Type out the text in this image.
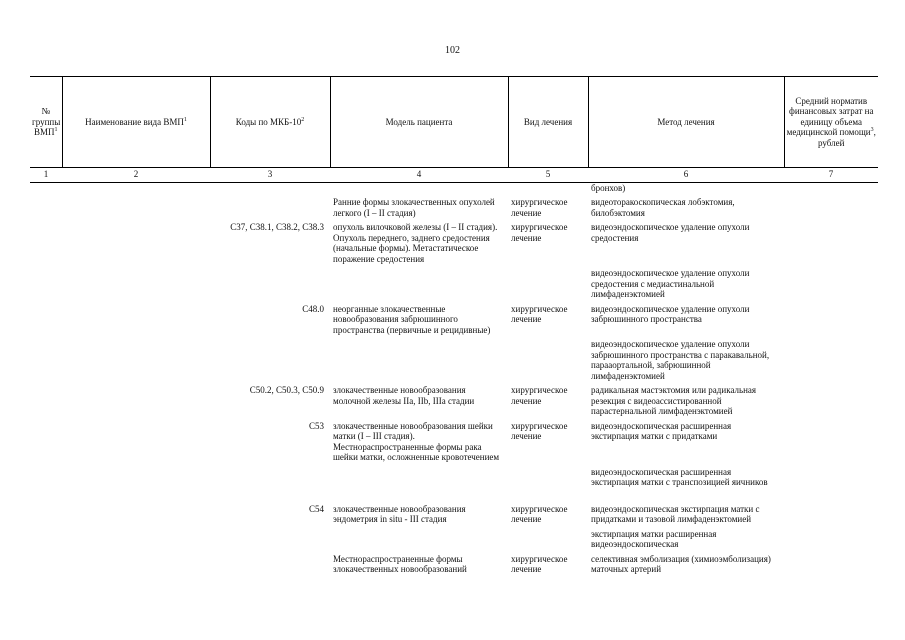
102
№ группы ВМП$^1$	Наименование вида ВМП$^1$	Коды по МКБ-$10^2$	Модель пациента	Вид лечения	Метод лечения	Средний норматив финансовых затрат на единицу объема медицинской помощи$^3$, рублей
1	2	3	4	5	6	7
					бронхов)	
			Ранние формы злокачественных опухолей легкого (I – II стадия)	хирургическое лечение	видеоторакоскопическая лобэктомия, билобэктомия	
		C37, C38.1, C38.2, C38.3	опухоль вилочковой железы (I – II стадия). Опухоль переднего, заднего средостения (начальные формы). Метастатическое поражение средостения	хирургическое лечение	видеоэндоскопическое удаление опухоли средостения	
					видеоэндоскопическое удаление опухоли средостения с медиастинальной лимфаденэктомией	
		C48.0	неорганные злокачественные новообразования забрюшинного пространства (первичные и рецидивные)	хирургическое лечение	видеоэндоскопическое удаление опухоли забрюшинного пространства	
					видеоэндоскопическое удаление опухоли забрюшинного пространства с паракавальной, парааортальной, забрюшинной лимфаденэктомией	
		C50.2, C50.3, C50.9	злокачественные новообразования молочной железы IIa, IIb, IIIa стадии	хирургическое лечение	радикальная мастэктомия или радикальная резекция с видеоассистированной парастернальной лимфаденэктомией	
		C53	злокачественные новообразования шейки матки (I – III стадия). Местнораспространенные формы рака шейки матки, осложненные кровотечением	хирургическое лечение	видеоэндоскопическая расширенная экстирпация матки с придатками	
					видеоэндоскопическая расширенная экстирпация матки с транспозицией яичников	
		C54	злокачественные новообразования эндометрия in situ - III стадия	хирургическое лечение	видеоэндоскопическая экстирпация матки с придатками и тазовой лимфаденэктомией	
					экстирпация матки расширенная видеоэндоскопическая	
			Местнораспространенные формы злокачественных новообразований	хирургическое лечение	селективная эмболизация (химиоэмболизация) маточных артерий	
